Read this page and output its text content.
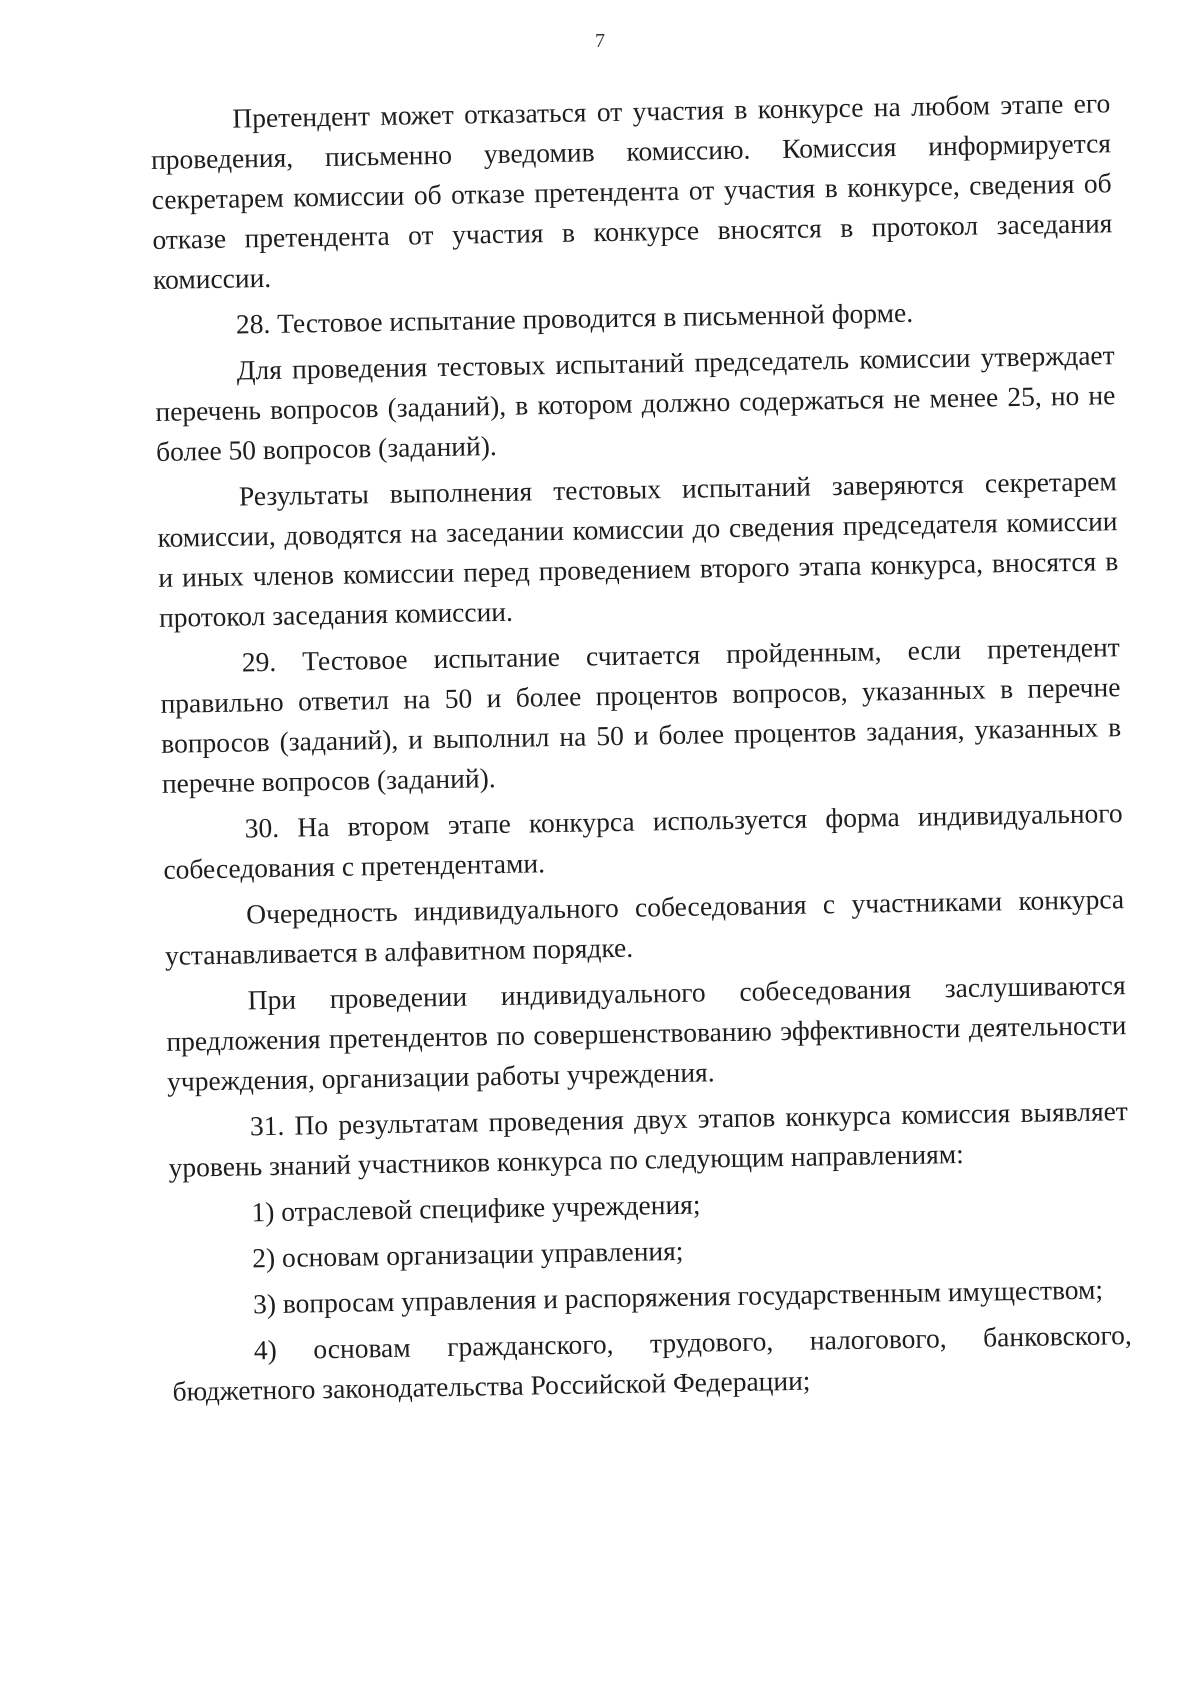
7

Претендент может отказаться от участия в конкурсе на любом этапе его проведения, письменно уведомив комиссию. Комиссия информируется секретарем комиссии об отказе претендента от участия в конкурсе, сведения об отказе претендента от участия в конкурсе вносятся в протокол заседания комиссии.

28. Тестовое испытание проводится в письменной форме.

Для проведения тестовых испытаний председатель комиссии утверждает перечень вопросов (заданий), в котором должно содержаться не менее 25, но не более 50 вопросов (заданий).

Результаты выполнения тестовых испытаний заверяются секретарем комиссии, доводятся на заседании комиссии до сведения председателя комиссии и иных членов комиссии перед проведением второго этапа конкурса, вносятся в протокол заседания комиссии.

29. Тестовое испытание считается пройденным, если претендент правильно ответил на 50 и более процентов вопросов, указанных в перечне вопросов (заданий), и выполнил на 50 и более процентов задания, указанных в перечне вопросов (заданий).

30. На втором этапе конкурса используется форма индивидуального собеседования с претендентами.

Очередность индивидуального собеседования с участниками конкурса устанавливается в алфавитном порядке.

При проведении индивидуального собеседования заслушиваются предложения претендентов по совершенствованию эффективности деятельности учреждения, организации работы учреждения.

31. По результатам проведения двух этапов конкурса комиссия выявляет уровень знаний участников конкурса по следующим направлениям:

1) отраслевой специфике учреждения;

2) основам организации управления;

3) вопросам управления и распоряжения государственным имуществом;

4) основам гражданского, трудового, налогового, банковского, бюджетного законодательства Российской Федерации;
